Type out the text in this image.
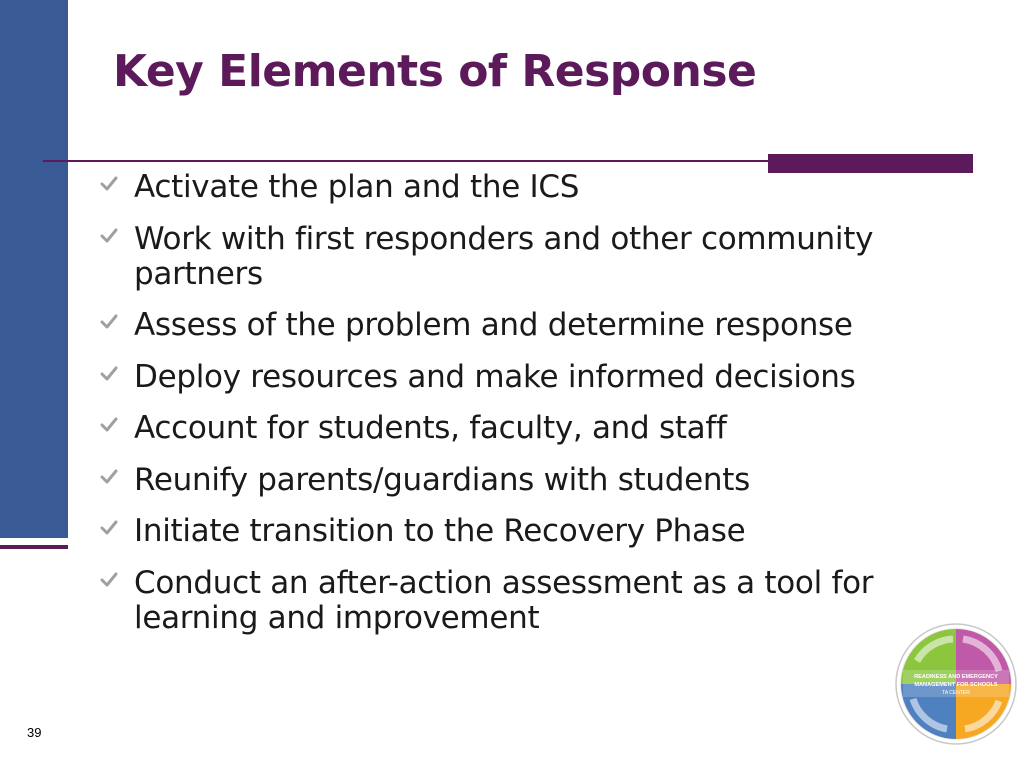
Key Elements of Response
Activate the plan and the ICS
Work with first responders and other community partners
Assess of the problem and determine response
Deploy resources and make informed decisions
Account for students, faculty, and staff
Reunify parents/guardians with students
Initiate transition to the Recovery Phase
Conduct an after-action assessment as a tool for learning and improvement
39
READINESS AND EMERGENCY
MANAGEMENT FOR SCHOOLS
TA CENTER
